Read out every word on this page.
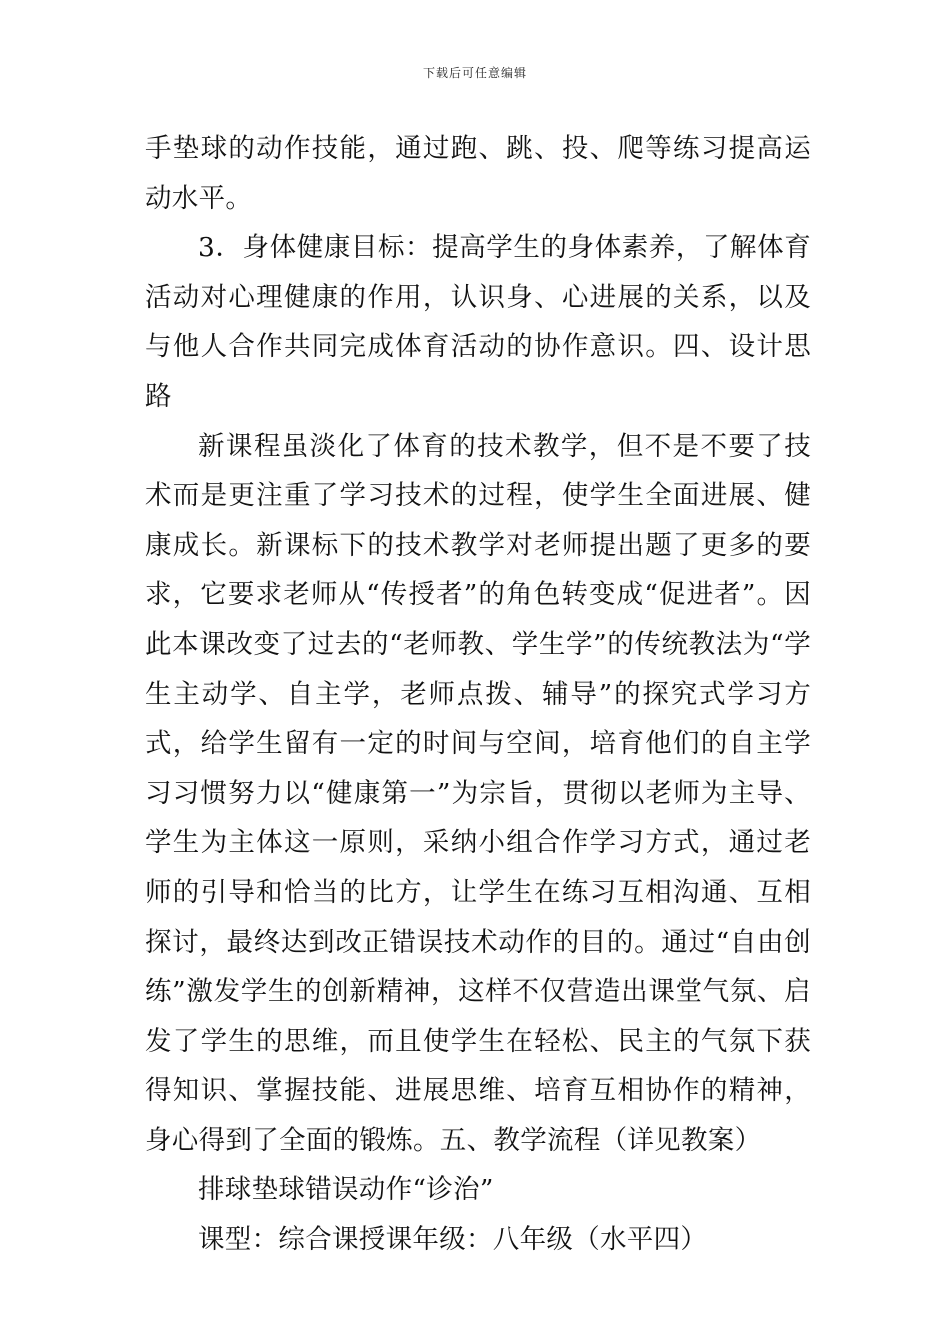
下载后可任意编辑

手垫球的动作技能，通过跑、跳、投、爬等练习提高运动水平。

3．身体健康目标：提高学生的身体素养，了解体育活动对心理健康的作用，认识身、心进展的关系，以及与他人合作共同完成体育活动的协作意识。四、设计思路

新课程虽淡化了体育的技术教学，但不是不要了技术而是更注重了学习技术的过程，使学生全面进展、健康成长。新课标下的技术教学对老师提出题了更多的要求，它要求老师从“传授者”的角色转变成“促进者”。因此本课改变了过去的“老师教、学生学”的传统教法为“学生主动学、自主学，老师点拨、辅导”的探究式学习方式，给学生留有一定的时间与空间，培育他们的自主学习习惯努力以“健康第一”为宗旨，贯彻以老师为主导、学生为主体这一原则，采纳小组合作学习方式，通过老师的引导和恰当的比方，让学生在练习互相沟通、互相探讨，最终达到改正错误技术动作的目的。通过“自由创练”激发学生的创新精神，这样不仅营造出课堂气氛、启发了学生的思维，而且使学生在轻松、民主的气氛下获得知识、掌握技能、进展思维、培育互相协作的精神，身心得到了全面的锻炼。五、教学流程（详见教案）

排球垫球错误动作“诊治”

课型：综合课授课年级：八年级（水平四）
